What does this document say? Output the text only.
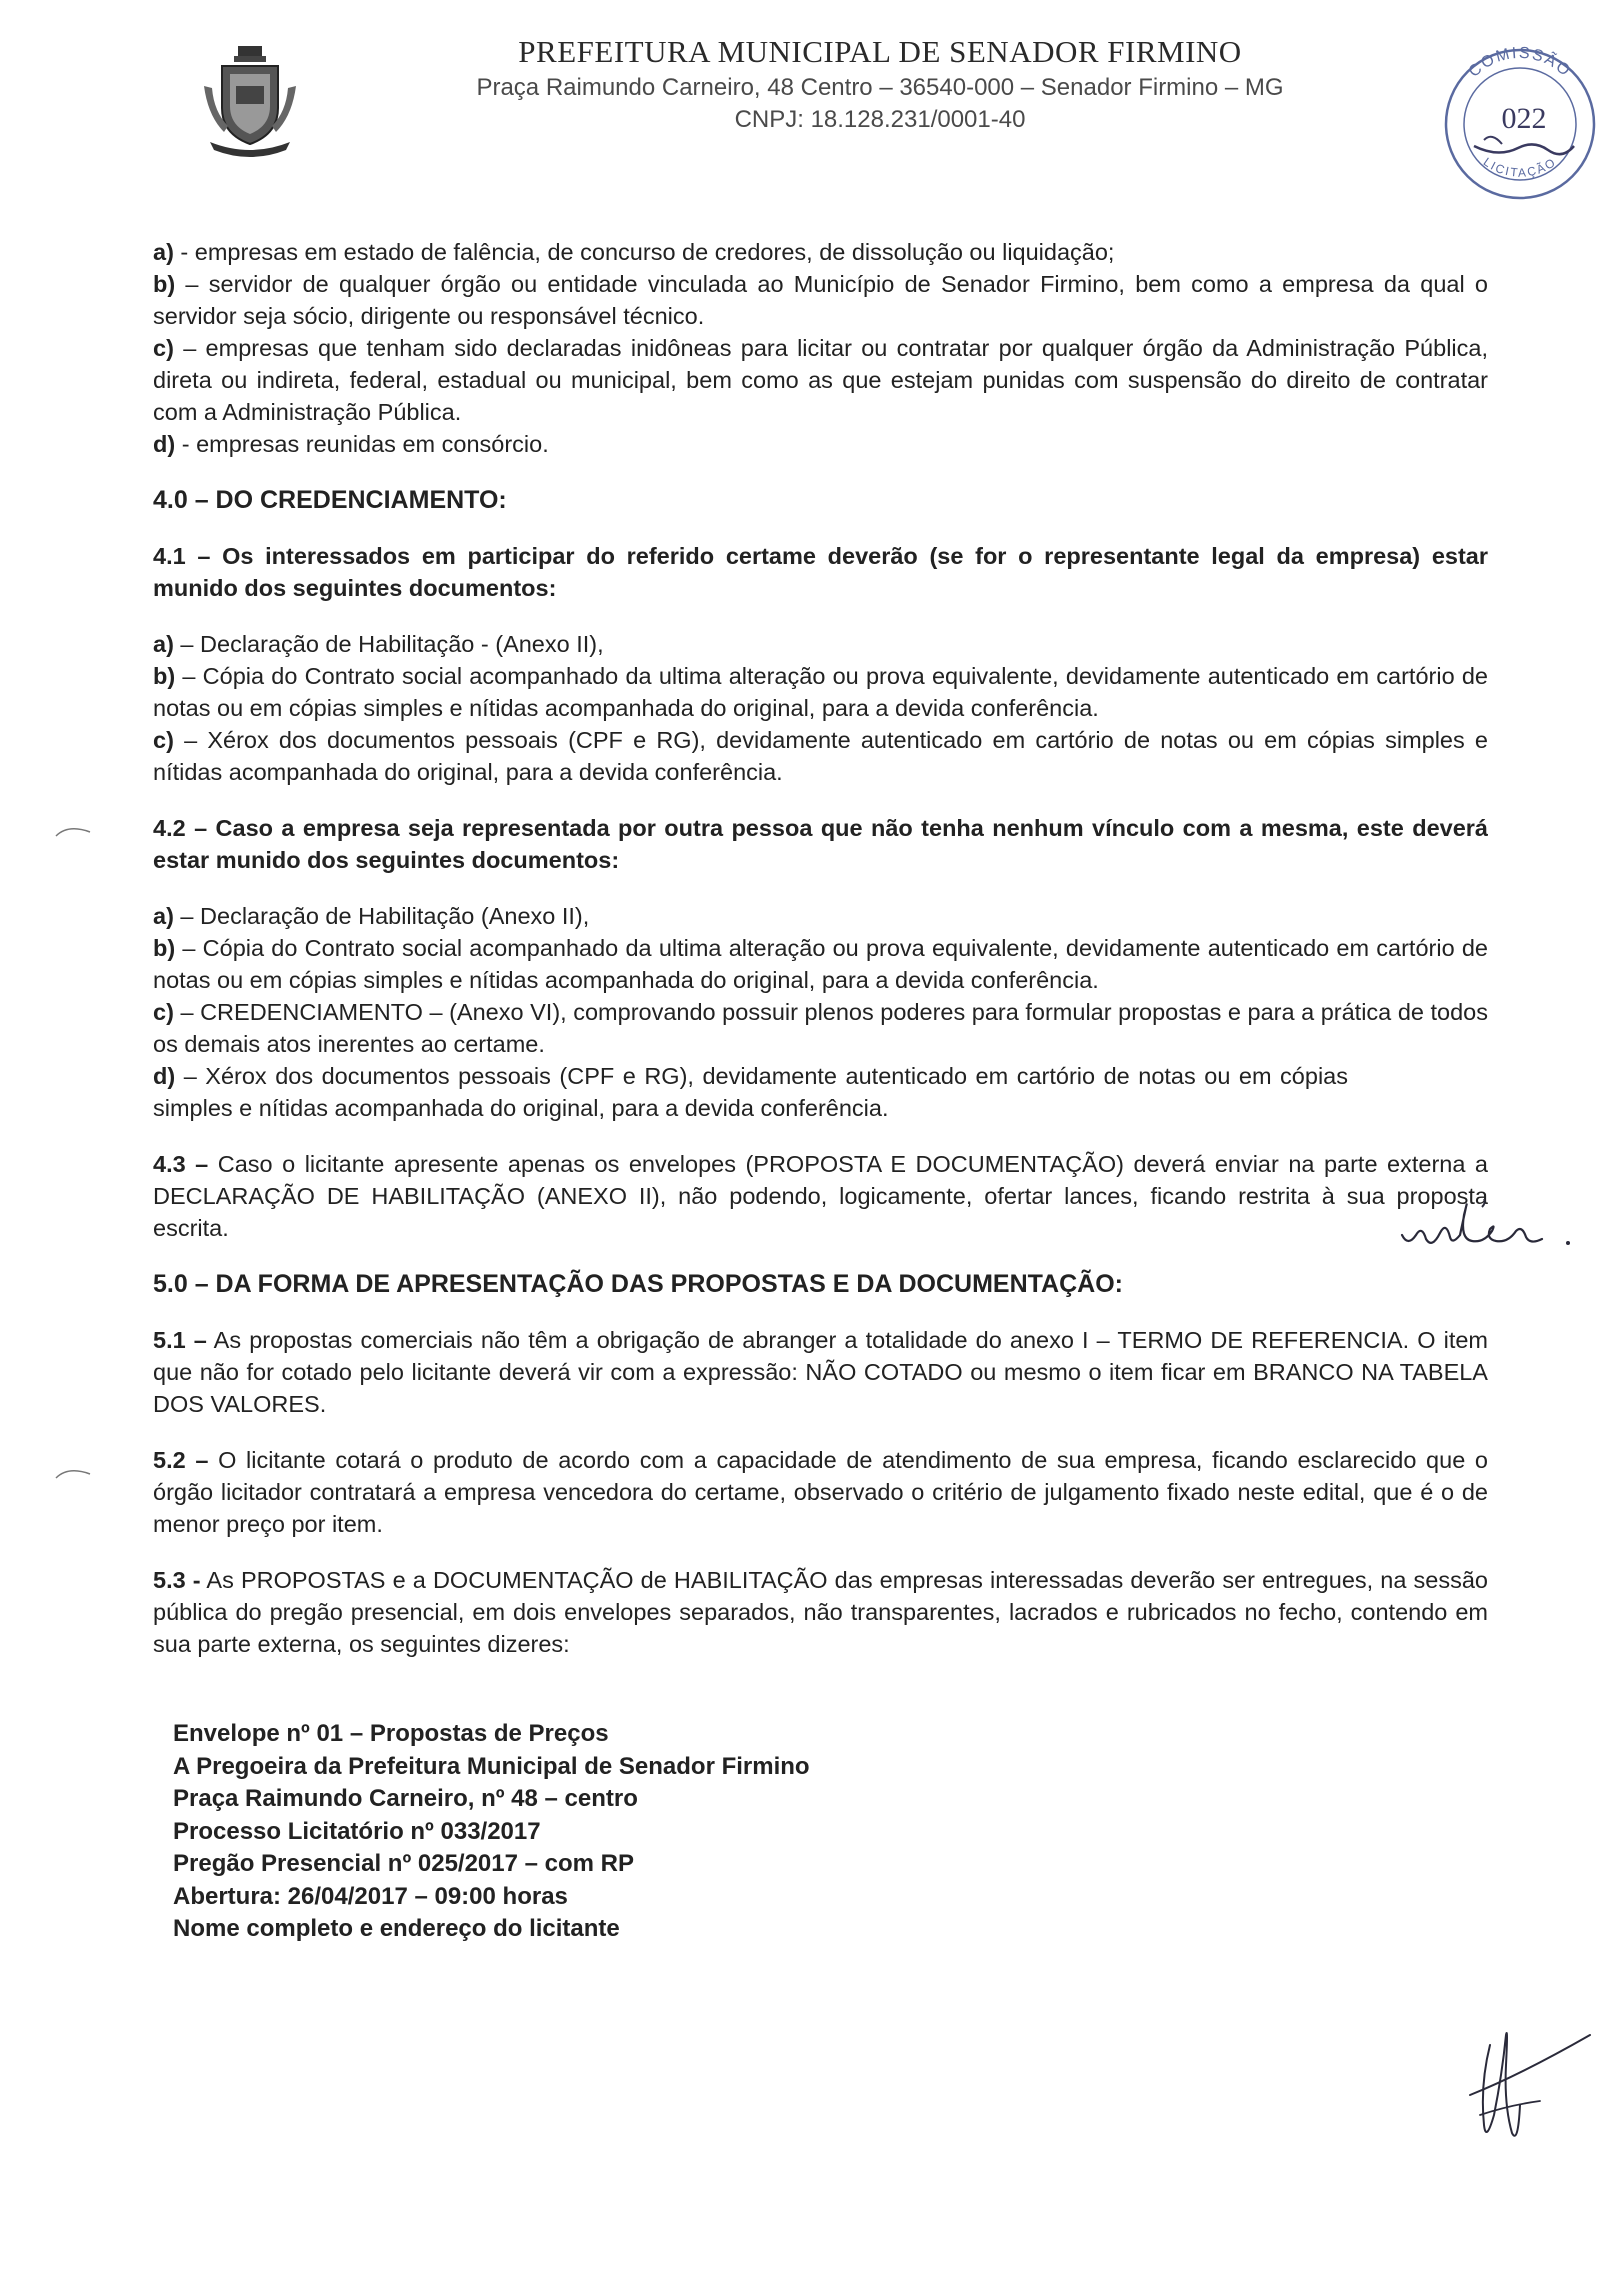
PREFEITURA MUNICIPAL DE SENADOR FIRMINO
Praça Raimundo Carneiro, 48 Centro – 36540-000 – Senador Firmino – MG
CNPJ: 18.128.231/0001-40
COMISSÃO
LICITAÇÃO
022

a) - empresas em estado de falência, de concurso de credores, de dissolução ou liquidação;

b) – servidor de qualquer órgão ou entidade vinculada ao Município de Senador Firmino, bem como a empresa da qual o servidor seja sócio, dirigente ou responsável técnico.

c) – empresas que tenham sido declaradas inidôneas para licitar ou contratar por qualquer órgão da Administração Pública, direta ou indireta, federal, estadual ou municipal, bem como as que estejam punidas com suspensão do direito de contratar com a Administração Pública.

d) - empresas reunidas em consórcio.

4.0 – DO CREDENCIAMENTO:

4.1 – Os interessados em participar do referido certame deverão (se for o representante legal da empresa) estar munido dos seguintes documentos:

a) – Declaração de Habilitação - (Anexo II),

b) – Cópia do Contrato social acompanhado da ultima alteração ou prova equivalente, devidamente autenticado em cartório de notas ou em cópias simples e nítidas acompanhada do original, para a devida conferência.

c) – Xérox dos documentos pessoais (CPF e RG), devidamente autenticado em cartório de notas ou em cópias simples e nítidas acompanhada do original, para a devida conferência.

4.2 – Caso a empresa seja representada por outra pessoa que não tenha nenhum vínculo com a mesma, este deverá estar munido dos seguintes documentos:

a) – Declaração de Habilitação (Anexo II),

b) – Cópia do Contrato social acompanhado da ultima alteração ou prova equivalente, devidamente autenticado em cartório de notas ou em cópias simples e nítidas acompanhada do original, para a devida conferência.

c) – CREDENCIAMENTO – (Anexo VI), comprovando possuir plenos poderes para formular propostas e para a prática de todos os demais atos inerentes ao certame.

d) – Xérox dos documentos pessoais (CPF e RG), devidamente autenticado em cartório de notas ou em cópias simples e nítidas acompanhada do original, para a devida conferência.

4.3 – Caso o licitante apresente apenas os envelopes (PROPOSTA E DOCUMENTAÇÃO) deverá enviar na parte externa a DECLARAÇÃO DE HABILITAÇÃO (ANEXO II), não podendo, logicamente, ofertar lances, ficando restrita à sua proposta escrita.

5.0 – DA FORMA DE APRESENTAÇÃO DAS PROPOSTAS E DA DOCUMENTAÇÃO:

5.1 – As propostas comerciais não têm a obrigação de abranger a totalidade do anexo I – TERMO DE REFERENCIA. O item que não for cotado pelo licitante deverá vir com a expressão: NÃO COTADO ou mesmo o item ficar em BRANCO NA TABELA DOS VALORES.

5.2 – O licitante cotará o produto de acordo com a capacidade de atendimento de sua empresa, ficando esclarecido que o órgão licitador contratará a empresa vencedora do certame, observado o critério de julgamento fixado neste edital, que é o de menor preço por item.

5.3 - As PROPOSTAS e a DOCUMENTAÇÃO de HABILITAÇÃO das empresas interessadas deverão ser entregues, na sessão pública do pregão presencial, em dois envelopes separados, não transparentes, lacrados e rubricados no fecho, contendo em sua parte externa, os seguintes dizeres:

Envelope nº 01 – Propostas de Preços
A Pregoeira da Prefeitura Municipal de Senador Firmino
Praça Raimundo Carneiro, nº 48 – centro
Processo Licitatório nº 033/2017
Pregão Presencial nº 025/2017 – com RP
Abertura: 26/04/2017 – 09:00 horas
Nome completo e endereço do licitante
